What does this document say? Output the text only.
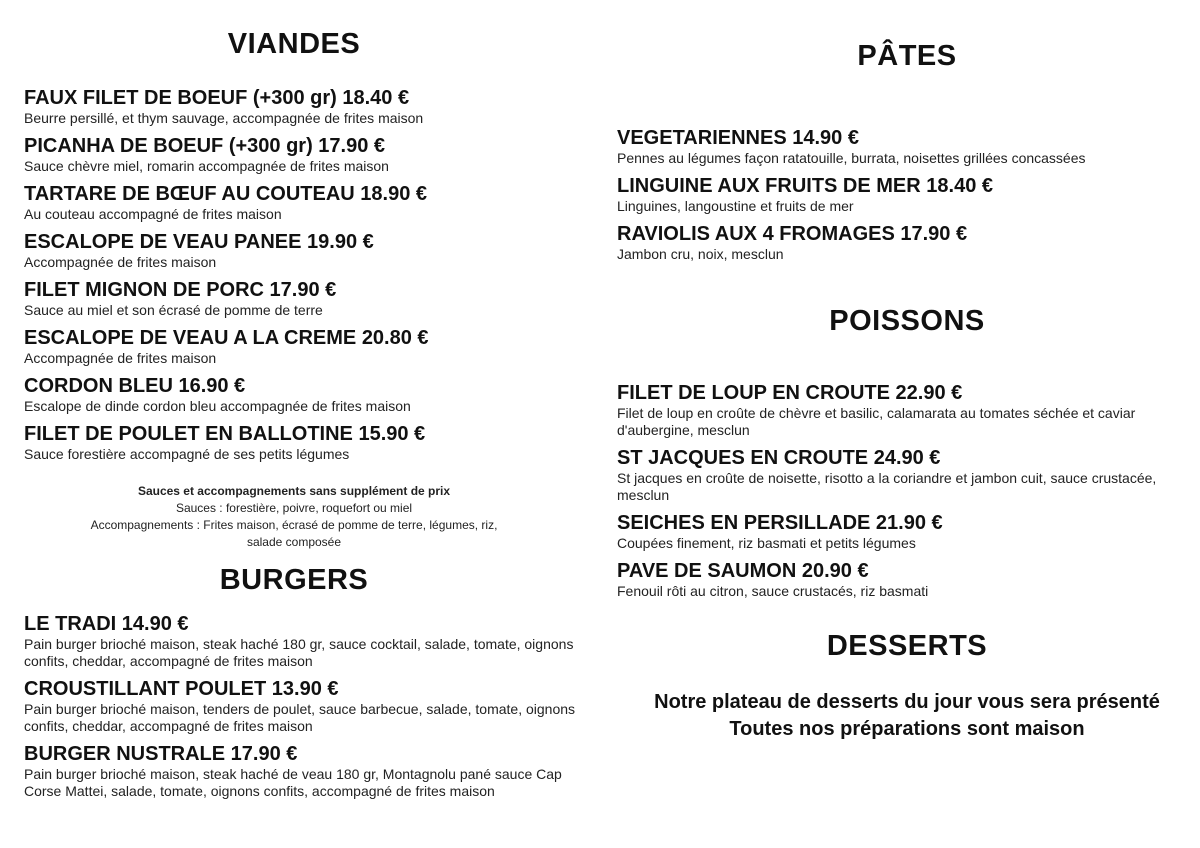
VIANDES

FAUX FILET DE BOEUF (+300 gr) 18.40 €

Beurre persillé, et thym sauvage, accompagnée de frites maison

PICANHA DE BOEUF (+300 gr) 17.90 €

Sauce chèvre miel, romarin accompagnée de frites maison

TARTARE DE BŒUF AU COUTEAU 18.90 €

Au couteau accompagné de frites maison

ESCALOPE DE VEAU PANEE 19.90 €

Accompagnée de frites maison

FILET MIGNON DE PORC 17.90 €

Sauce au miel et son écrasé de pomme de terre

ESCALOPE DE VEAU A LA CREME 20.80 €

Accompagnée de frites maison

CORDON BLEU 16.90 €

Escalope de dinde cordon bleu accompagnée de frites maison

FILET DE POULET EN BALLOTINE 15.90 €

Sauce forestière accompagné de ses petits légumes

Sauces et accompagnements sans supplément de prix
Sauces : forestière, poivre, roquefort ou miel
Accompagnements : Frites maison, écrasé de pomme de terre, légumes, riz,
salade composée
BURGERS

LE TRADI 14.90 €

Pain burger brioché maison, steak haché 180 gr, sauce cocktail, salade, tomate, oignons confits, cheddar, accompagné de frites maison

CROUSTILLANT POULET 13.90 €

Pain burger brioché maison, tenders de poulet, sauce barbecue, salade, tomate, oignons confits, cheddar, accompagné de frites maison

BURGER NUSTRALE 17.90 €

Pain burger brioché maison, steak haché de veau 180 gr, Montagnolu pané sauce Cap Corse Mattei, salade, tomate, oignons confits, accompagné de frites maison

PÂTES

VEGETARIENNES 14.90 €

Pennes au légumes façon ratatouille, burrata, noisettes grillées concassées

LINGUINE AUX FRUITS DE MER 18.40 €

Linguines, langoustine et fruits de mer

RAVIOLIS AUX 4 FROMAGES 17.90 €

Jambon cru, noix, mesclun

POISSONS

FILET DE LOUP EN CROUTE 22.90 €

Filet de loup en croûte de chèvre et basilic, calamarata au tomates séchée et caviar d'aubergine, mesclun

ST JACQUES EN CROUTE 24.90 €

St jacques en croûte de noisette, risotto a la coriandre et jambon cuit, sauce crustacée, mesclun

SEICHES EN PERSILLADE 21.90 €

Coupées finement, riz basmati et petits légumes

PAVE DE SAUMON 20.90 €

Fenouil rôti au citron, sauce crustacés, riz basmati

DESSERTS
Notre plateau de desserts du jour vous sera présenté
Toutes nos préparations sont maison
